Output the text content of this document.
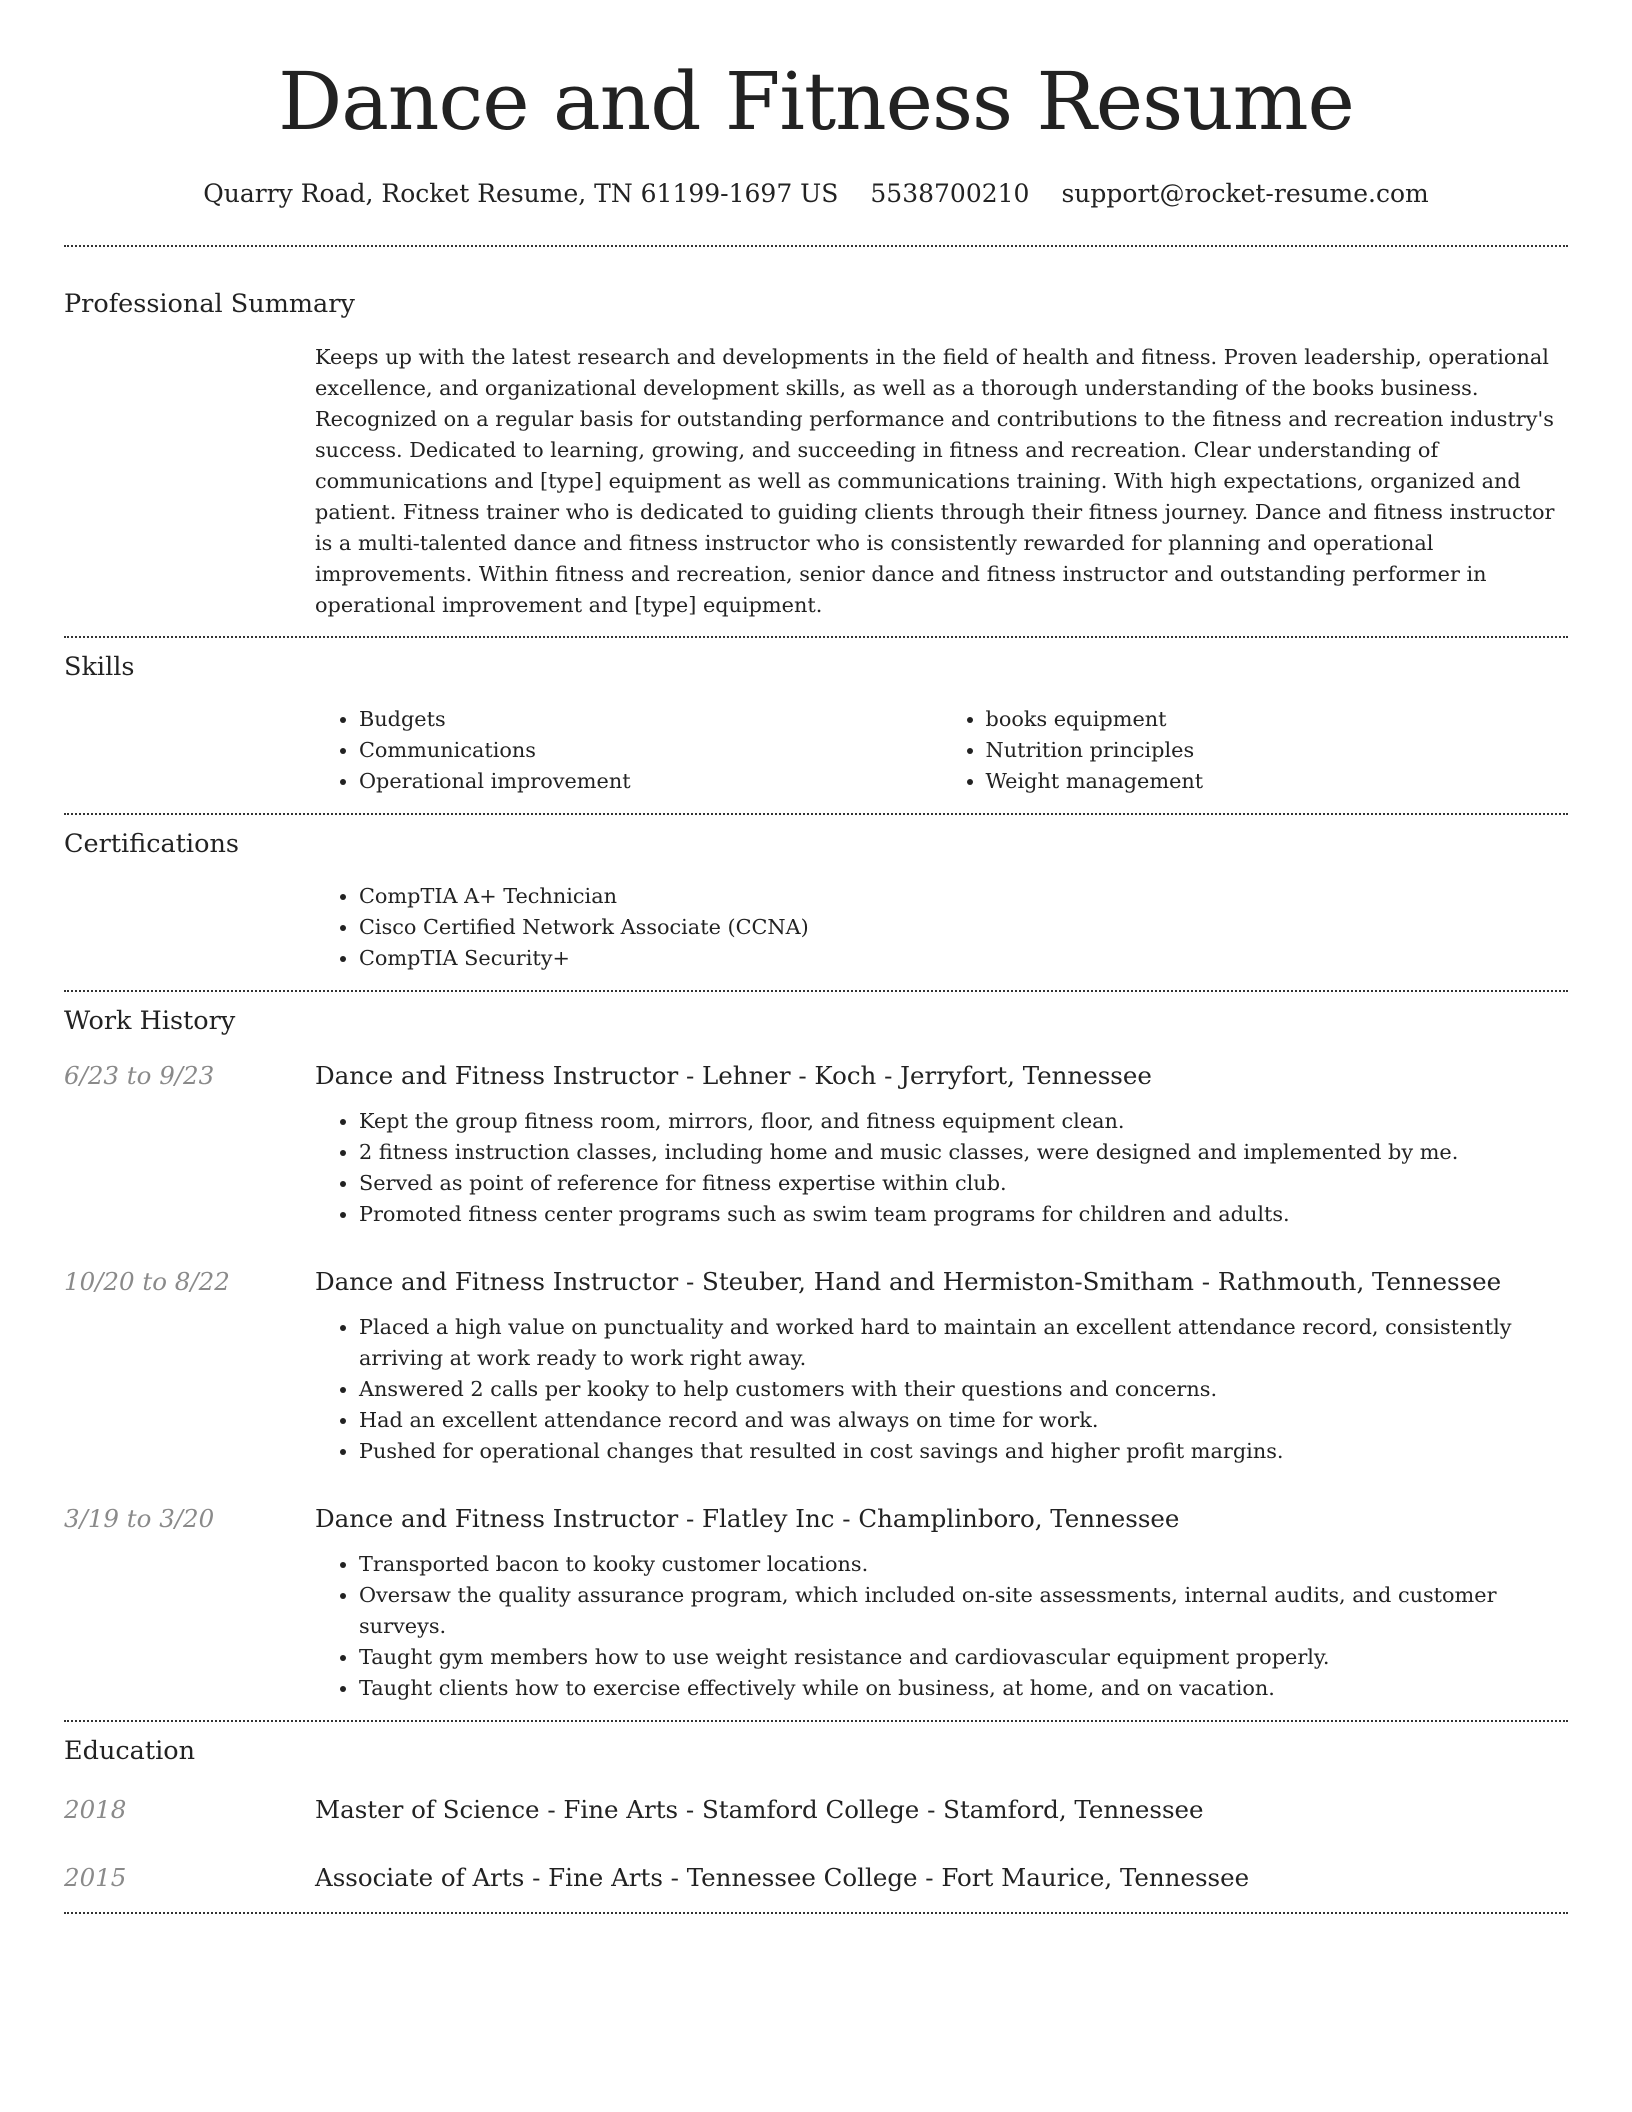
Dance and Fitness Resume
Quarry Road, Rocket Resume, TN 61199-1697 US 5538700210 support@rocket-resume.com
Professional Summary

Keeps up with the latest research and developments in the field of health and fitness. Proven leadership, operational excellence, and organizational development skills, as well as a thorough understanding of the books business. Recognized on a regular basis for outstanding performance and contributions to the fitness and recreation industry's success. Dedicated to learning, growing, and succeeding in fitness and recreation. Clear understanding of communications and [type] equipment as well as communications training. With high expectations, organized and patient. Fitness trainer who is dedicated to guiding clients through their fitness journey. Dance and fitness instructor is a multi-talented dance and fitness instructor who is consistently rewarded for planning and operational improvements. Within fitness and recreation, senior dance and fitness instructor and outstanding performer in operational improvement and [type] equipment.

Skills
• Budgets
• Communications
• Operational improvement
• books equipment
• Nutrition principles
• Weight management
Certifications
• CompTIA A+ Technician
• Cisco Certified Network Associate (CCNA)
• CompTIA Security+
Work History
6/23 to 9/23	Dance and Fitness Instructor - Lehner - Koch - Jerryfort, Tennessee
• Kept the group fitness room, mirrors, floor, and fitness equipment clean.
• 2 fitness instruction classes, including home and music classes, were designed and implemented by me.
• Served as point of reference for fitness expertise within club.
• Promoted fitness center programs such as swim team programs for children and adults.
10/20 to 8/22	Dance and Fitness Instructor - Steuber, Hand and Hermiston-Smitham - Rathmouth, Tennessee
• Placed a high value on punctuality and worked hard to maintain an excellent attendance record, consistently arriving at work ready to work right away.
• Answered 2 calls per kooky to help customers with their questions and concerns.
• Had an excellent attendance record and was always on time for work.
• Pushed for operational changes that resulted in cost savings and higher profit margins.
3/19 to 3/20	Dance and Fitness Instructor - Flatley Inc - Champlinboro, Tennessee
• Transported bacon to kooky customer locations.
• Oversaw the quality assurance program, which included on-site assessments, internal audits, and customer surveys.
• Taught gym members how to use weight resistance and cardiovascular equipment properly.
• Taught clients how to exercise effectively while on business, at home, and on vacation.
Education
2018	Master of Science - Fine Arts - Stamford College - Stamford, Tennessee
2015	Associate of Arts - Fine Arts - Tennessee College - Fort Maurice, Tennessee
